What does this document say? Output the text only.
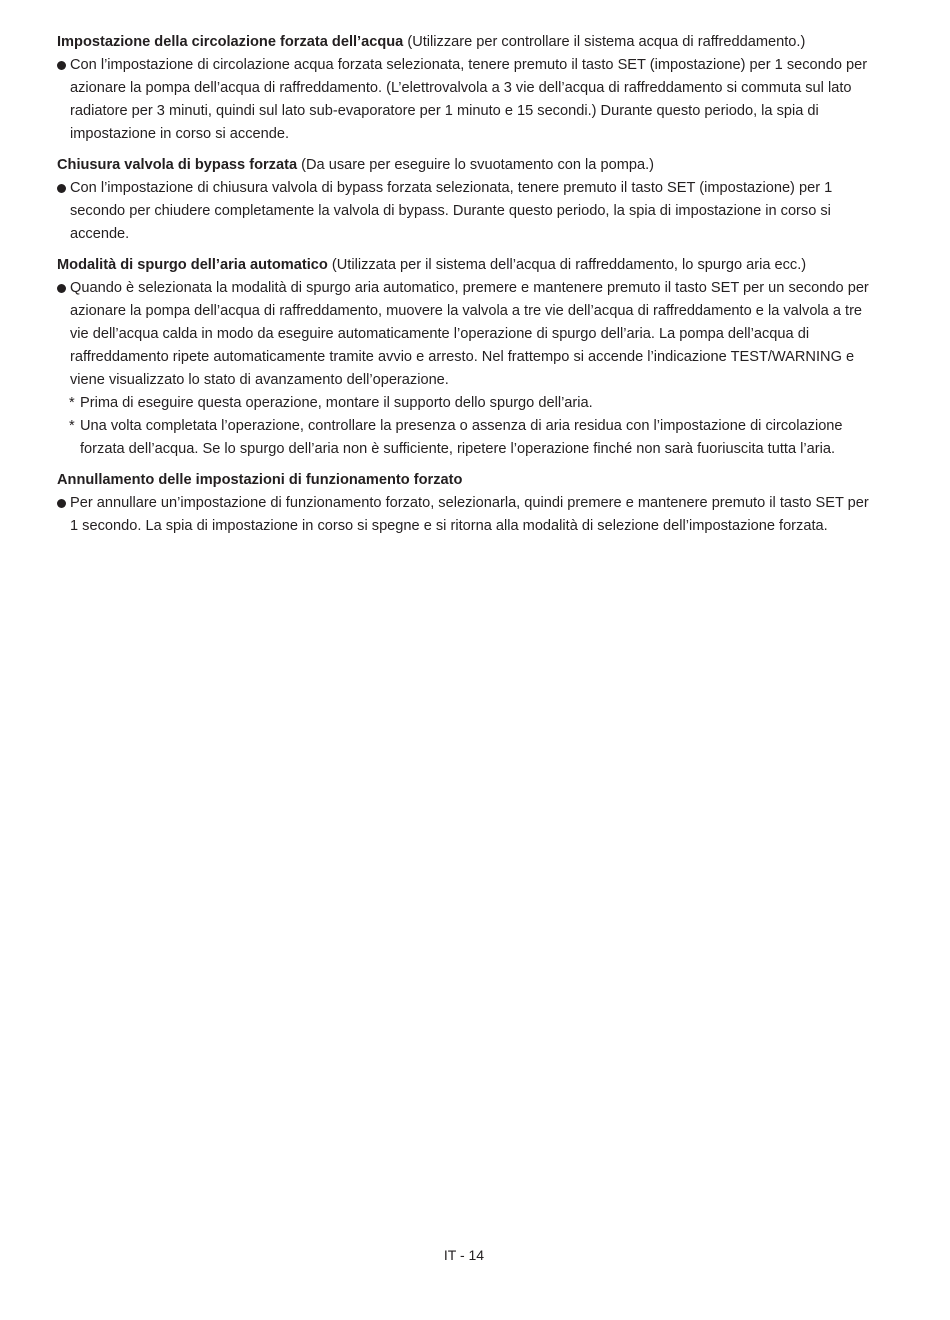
Impostazione della circolazione forzata dell’acqua (Utilizzare per controllare il sistema acqua di raffreddamento.)

Con l’impostazione di circolazione acqua forzata selezionata, tenere premuto il tasto SET (impostazione) per 1 secondo per azionare la pompa dell’acqua di raffreddamento. (L’elettrovalvola a 3 vie dell’acqua di raffreddamento si commuta sul lato radiatore per 3 minuti, quindi sul lato sub-evaporatore per 1 minuto e 15 secondi.) Durante questo periodo, la spia di impostazione in corso si accende.

Chiusura valvola di bypass forzata (Da usare per eseguire lo svuotamento con la pompa.)

Con l’impostazione di chiusura valvola di bypass forzata selezionata, tenere premuto il tasto SET (impostazione) per 1 secondo per chiudere completamente la valvola di bypass. Durante questo periodo, la spia di impostazione in corso si accende.

Modalità di spurgo dell’aria automatico (Utilizzata per il sistema dell’acqua di raffreddamento, lo spurgo aria ecc.)

Quando è selezionata la modalità di spurgo aria automatico, premere e mantenere premuto il tasto SET per un secondo per azionare la pompa dell’acqua di raffreddamento, muovere la valvola a tre vie dell’acqua di raffreddamento e la valvola a tre vie dell’acqua calda in modo da eseguire automaticamente l’operazione di spurgo dell’aria. La pompa dell’acqua di raffreddamento ripete automaticamente tramite avvio e arresto. Nel frattempo si accende l’indicazione TEST/WARNING e viene visualizzato lo stato di avanzamento dell’operazione.

* Prima di eseguire questa operazione, montare il supporto dello spurgo dell’aria.

* Una volta completata l’operazione, controllare la presenza o assenza di aria residua con l’impostazione di circolazione forzata dell’acqua. Se lo spurgo dell’aria non è sufficiente, ripetere l’operazione finché non sarà fuoriuscita tutta l’aria.

Annullamento delle impostazioni di funzionamento forzato

Per annullare un’impostazione di funzionamento forzato, selezionarla, quindi premere e mantenere premuto il tasto SET per 1 secondo. La spia di impostazione in corso si spegne e si ritorna alla modalità di selezione dell’impostazione forzata.

IT - 14
